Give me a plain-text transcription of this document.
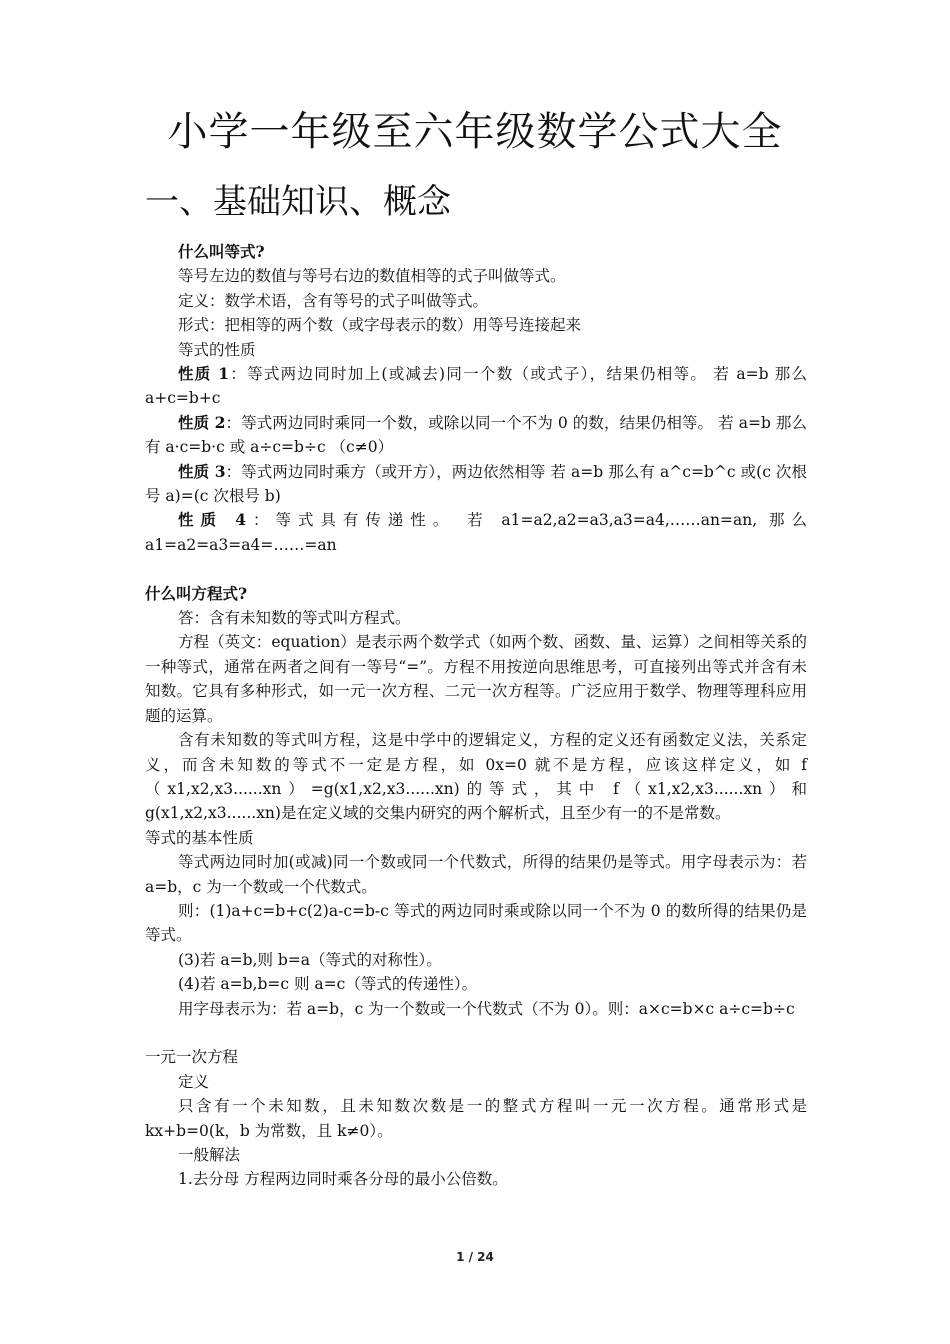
小学一年级至六年级数学公式大全
一、基础知识、概念

什么叫等式?

等号左边的数值与等号右边的数值相等的式子叫做等式。

定义：数学术语，含有等号的式子叫做等式。

形式：把相等的两个数（或字母表示的数）用等号连接起来

等式的性质

性质 1：等式两边同时加上(或减去)同一个数（或式子），结果仍相等。 若 a=b 那么 a+c=b+c

性质 2：等式两边同时乘同一个数，或除以同一个不为 0 的数，结果仍相等。 若 a=b 那么有 a·c=b·c 或 a÷c=b÷c （c≠0）

性质 3：等式两边同时乘方（或开方），两边依然相等 若 a=b 那么有 a^c=b^c 或(c 次根号 a)=(c 次根号 b)

性质 4：等式具有传递性。 若 a1=a2,a2=a3,a3=a4,……an=an, 那么 a1=a2=a3=a4=……=an

什么叫方程式?

答：含有未知数的等式叫方程式。

方程（英文：equation）是表示两个数学式（如两个数、函数、量、运算）之间相等关系的一种等式，通常在两者之间有一等号“=”。方程不用按逆向思维思考，可直接列出等式并含有未知数。它具有多种形式，如一元一次方程、二元一次方程等。广泛应用于数学、物理等理科应用题的运算。

含有未知数的等式叫方程，这是中学中的逻辑定义，方程的定义还有函数定义法，关系定义，而含未知数的等式不一定是方程，如 0x=0 就不是方程，应该这样定义，如 f（x1,x2,x3......xn）=g(x1,x2,x3......xn)的等式，其中 f（x1,x2,x3......xn）和 g(x1,x2,x3......xn)是在定义域的交集内研究的两个解析式，且至少有一的不是常数。

等式的基本性质

等式两边同时加(或减)同一个数或同一个代数式，所得的结果仍是等式。用字母表示为：若 a=b，c 为一个数或一个代数式。

则：(1)a+c=b+c(2)a-c=b-c 等式的两边同时乘或除以同一个不为 0 的数所得的结果仍是等式。

(3)若 a=b,则 b=a（等式的对称性）。

(4)若 a=b,b=c 则 a=c（等式的传递性）。

用字母表示为：若 a=b，c 为一个数或一个代数式（不为 0）。则：a×c=b×c a÷c=b÷c

一元一次方程

定义

只含有一个未知数，且未知数次数是一的整式方程叫一元一次方程。通常形式是 kx+b=0(k，b 为常数，且 k≠0）。

一般解法

1.去分母 方程两边同时乘各分母的最小公倍数。

1 / 24
